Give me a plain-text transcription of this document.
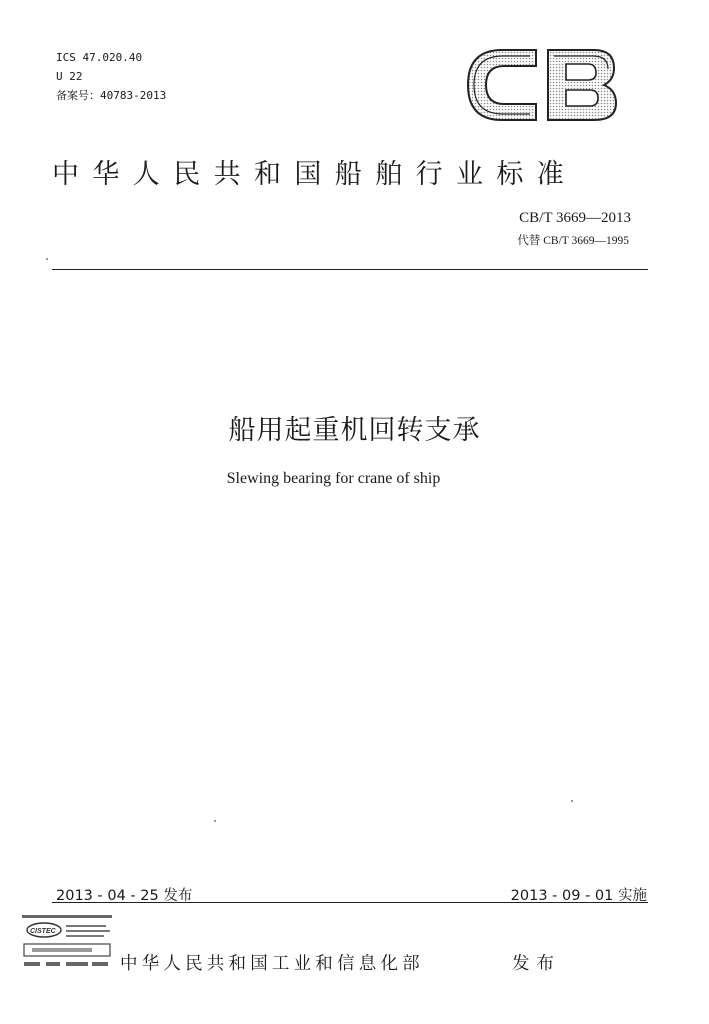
ICS 47.020.40
U 22
备案号：40783-2013	CB
中华人民共和国船舶行业标准
CB/T 3669—2013
代替 CB/T 3669—1995
船用起重机回转支承
Slewing bearing for crane of ship
2013 - 04 - 25 发布	2013 - 09 - 01 实施
CISTEC
中华人民共和国工业和信息化部	发布
